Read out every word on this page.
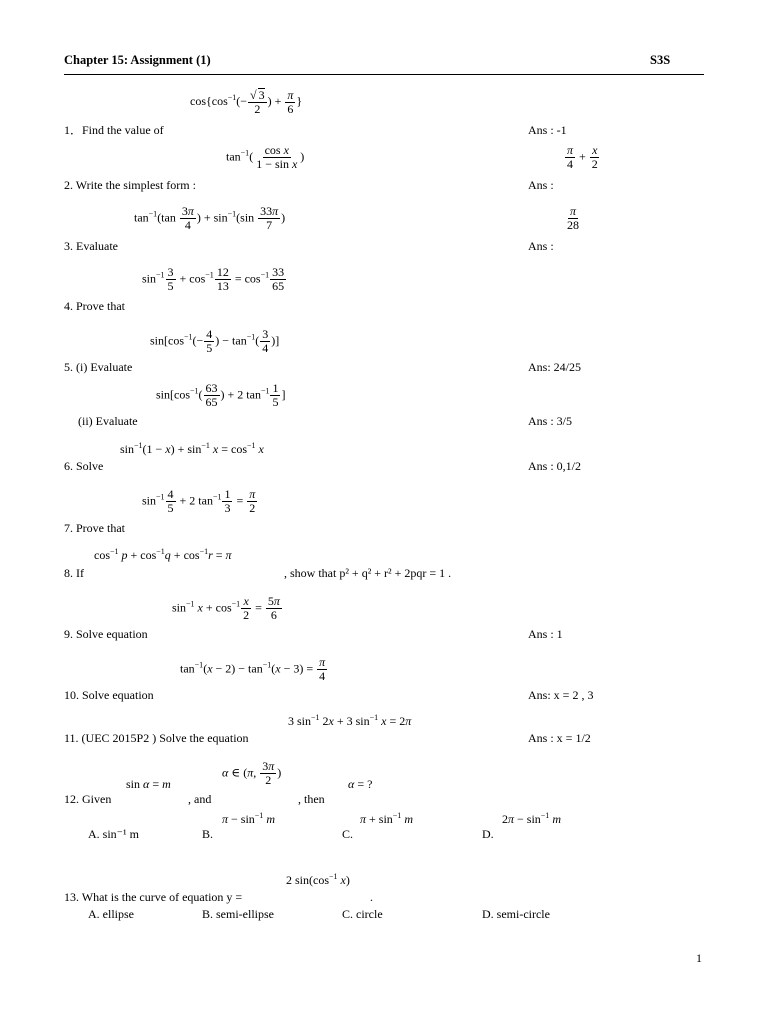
Chapter 15: Assignment (1)	S3S
$\cos\{\cos^{-1}(- \frac{√ 3}{2}$ ) + $\frac{\pi}{6}$ }
1．Find the value of	Ans : -1
$\tan^{-1}( \frac{\text{cos x}}{\text{1 − sin x}}$ )	$\frac{\pi}{4} + \frac{x}{2}$
2. Write the simplest form :	Ans :
$\tan^{-1}(\tan \frac{3\pi}{4}$ ) + $\sin^{-1}(\sin \frac{33\pi}{7}$ )	$\frac{\pi}{28}$
3. Evaluate	Ans :
$\sin^{-1} \frac{3}{5} + \cos^{-1} \frac{12}{13} = \cos^{-1} \frac{33}{65}$
4. Prove that
$\sin[\cos^{-1}(- \frac{4}{5}$ ) − $\tan^{-1}( \frac{3}{4}$ )]
5. (i) Evaluate	Ans: 24/25
$\sin[\cos^{-1}( \frac{63}{65}$ ) + 2 $\tan^{-1} \frac{1}{5}$ ]
(ii) Evaluate	Ans : 3/5
$\sin^{-1}(1 - x) + \sin^{-1} x = \cos^{-1} x$
6. Solve	Ans : 0,1/2
$\sin^{-1} \frac{4}{5} + 2$ $\tan^{-1} \frac{1}{3} = \frac{\pi}{2}$
7. Prove that
$\cos^{-1} p + \cos^{-1}q + \cos^{-1}r = \pi$
8. If	, show that p² + q² + r² + 2pqr = 1 .
$\sin^{-1} x + \cos^{-1} \frac{x}{2} = \frac{5\pi}{6}$
9. Solve equation	Ans : 1
$\tan^{-1}(x - 2) - \tan^{-1}(x - 3) = \frac{\pi}{4}$
10. Solve equation	Ans: x = 2 , 3
3 $\sin^{-1} 2x + 3$ $\sin^{-1} x = 2\pi$
11. (UEC 2015P2 ) Solve the equation	Ans : x = 1/2
sin α = m
α ∈ (π, $\frac{3\pi}{2}$ )
α = ?
12. Given	, and	, then
$\pi - \sin^{-1} m$	$\pi + \sin^{-1} m$	$2\pi - \sin^{-1} m$
A. sin⁻¹ m	B.	C.	D.
2 $\sin(\cos^{-1}$ x)
13. What is the curve of equation y =	.
A. ellipse	B. semi-ellipse	C. circle	D. semi-circle
1
